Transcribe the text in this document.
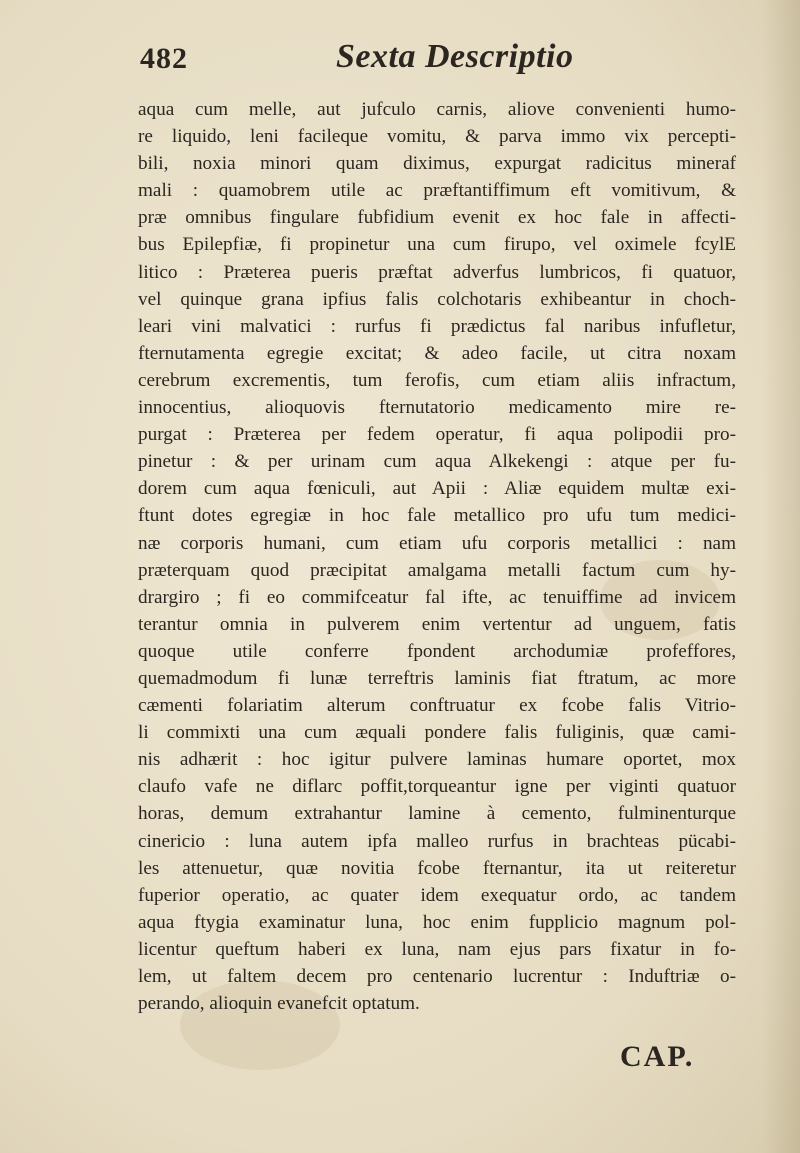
482	Sexta Descriptio
aqua cum melle, aut jufculo carnis, aliove convenienti humo-
re liquido, leni facileque vomitu, & parva immo vix percepti-
bili, noxia minori quam diximus, expurgat radicitus mineraf
mali : quamobrem utile ac præftantiffimum eft vomitivum, &
præ omnibus fingulare fubfidium evenit ex hoc fale in affecti-
bus Epilepfiæ, fi propinetur una cum firupo, vel oximele fcylE
litico : Præterea pueris præftat adverfus lumbricos, fi quatuor,
vel quinque grana ipfius falis colchotaris exhibeantur in choch-
leari vini malvatici : rurfus fi prædictus fal naribus infufletur,
fternutamenta egregie excitat; & adeo facile, ut citra noxam
cerebrum excrementis, tum ferofis, cum etiam aliis infractum,
innocentius, alioquovis fternutatorio medicamento mire re-
purgat : Præterea per fedem operatur, fi aqua polipodii pro-
pinetur : & per urinam cum aqua Alkekengi : atque per fu-
dorem cum aqua fœniculi, aut Apii : Aliæ equidem multæ exi-
ftunt dotes egregiæ in hoc fale metallico pro ufu tum medici-
næ corporis humani, cum etiam ufu corporis metallici : nam
præterquam quod præcipitat amalgama metalli factum cum hy-
drargiro ; fi eo commifceatur fal ifte, ac tenuiffime ad invicem
terantur omnia in pulverem enim vertentur ad unguem, fatis
quoque utile conferre fpondent archodumiæ profeffores,
quemadmodum fi lunæ terreftris laminis fiat ftratum, ac more
cæmenti folariatim alterum conftruatur ex fcobe falis Vitrio-
li commixti una cum æquali pondere falis fuliginis, quæ cami-
nis adhærit : hoc igitur pulvere laminas humare oportet, mox
claufo vafe ne diflarc poffit,torqueantur igne per viginti quatuor
horas, demum extrahantur lamine à cemento, fulminenturque
cinericio : luna autem ipfa malleo rurfus in brachteas pücabi-
les attenuetur, quæ novitia fcobe fternantur, ita ut reiteretur
fuperior operatio, ac quater idem exequatur ordo, ac tandem
aqua ftygia examinatur luna, hoc enim fupplicio magnum pol-
licentur queftum haberi ex luna, nam ejus pars fixatur in fo-
lem, ut faltem decem pro centenario lucrentur : Induftriæ o-
perando, alioquin evanefcit optatum.
CAP.
